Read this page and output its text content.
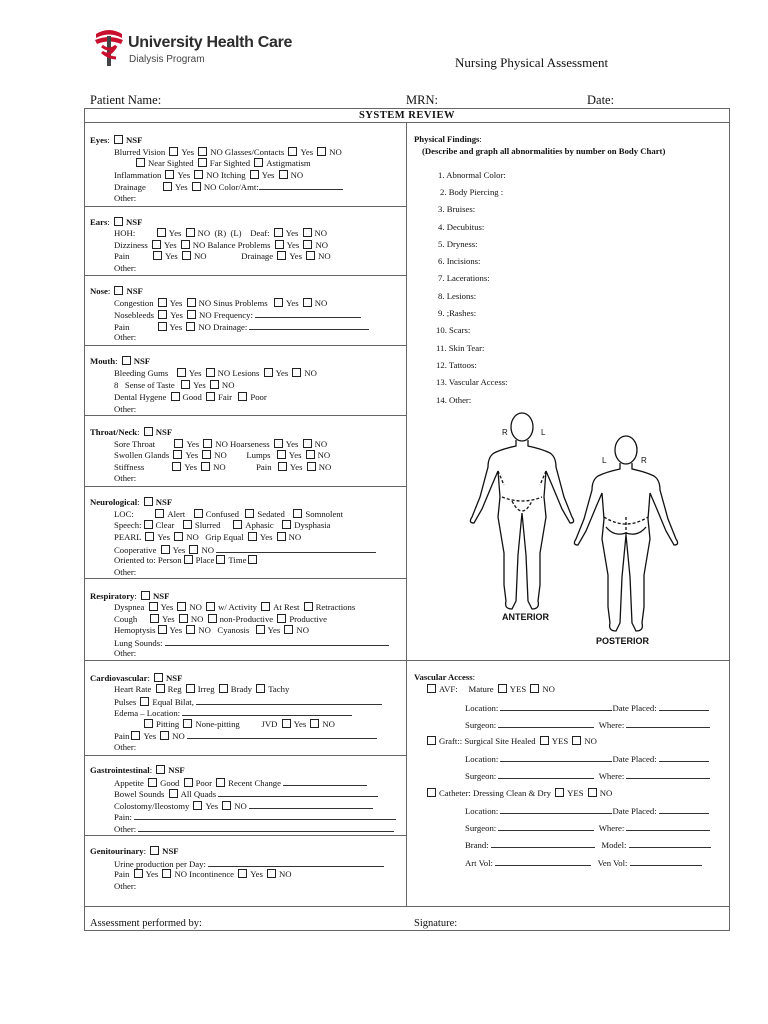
University Health Care
Dialysis Program	Nursing Physical Assessment
Patient Name:	MRN:	Date:
SYSTEM REVIEW
Eyes: NSF
Blurred Vision Yes NO Glasses/Contacts Yes NO
Near Sighted Far Sighted Astigmatism
Inflammation Yes NO Itching Yes NO
Drainage	Yes NO Color/Amt:
Other:
Ears: NSF
HOH:	Yes NO (R) (L) Deaf: Yes NO
Dizziness Yes NO Balance Problems Yes NO
Pain	Yes NO	Drainage Yes NO
Other:
Nose: NSF
Congestion Yes NO Sinus Problems Yes NO
Nosebleeds Yes NO Frequency:
Pain	Yes NO Drainage:
Other:
Mouth: NSF
Bleeding Gums Yes NO Lesions Yes NO
8 Sense of Taste Yes NO
Dental Hygene Good Fair Poor
Other:
Throat/Neck: NSF
Sore Throat	Yes NO Hoarseness Yes NO
Swollen Glands Yes NO Lumps Yes NO
Stiffness	Yes NO	Pain Yes NO
Other:
Neurological: NSF
LOC:	Alert Confused Sedated Somnolent
Speech: Clear Slurred	Aphasic Dysphasia
PEARL Yes NO Grip Equal Yes NO
Cooperative Yes NO
Oriented to: Person Place Time
Other:
Respiratory: NSF
Dyspnea Yes NO w/ Activity At Rest Retractions
Cough	Yes NO non-Productive Productive
Hemoptysis Yes NO Cyanosis Yes NO
Lung Sounds:
Other:
Cardiovascular: NSF
Heart Rate Reg Irreg Brady Tachy
Pulses Equal Bilat,
Edema – Location:
Pitting None-pitting JVD Yes NO
Pain Yes NO
Other:
Gastrointestinal: NSF
Appetite Good Poor Recent Change
Bowel Sounds All Quads
Colostomy/Ileostomy Yes NO
Pain:
Other:
Genitourinary: NSF
Urine production per Day:
Pain Yes NO Incontinence Yes NO
Other:
Physical Findings:
(Describe and graph all abnormalities by number on Body Chart)
1. Abnormal Color:
2. Body Piercing :
3. Bruises:
4. Decubitus:
5. Dryness:
6. Incisions:
7. Lacerations:
8. Lesions:
9. ;Rashes:
10. Scars:
11. Skin Tear:
12. Tattoos:
13. Vascular Access:
14. Other:
R	L
ANTERIOR
L	R
POSTERIOR
Vascular Access:
AVF: Mature YES NO
Location:	Date Placed:
Surgeon:	Where:
Graft:: Surgical Site Healed YES NO
Location:	Date Placed:
Surgeon:	Where:
Catheter: Dressing Clean & Dry YES NO
Location:	Date Placed:
Surgeon:	Where:
Brand:	Model:
Art Vol:	Ven Vol:
Assessment performed by:	Signature:
